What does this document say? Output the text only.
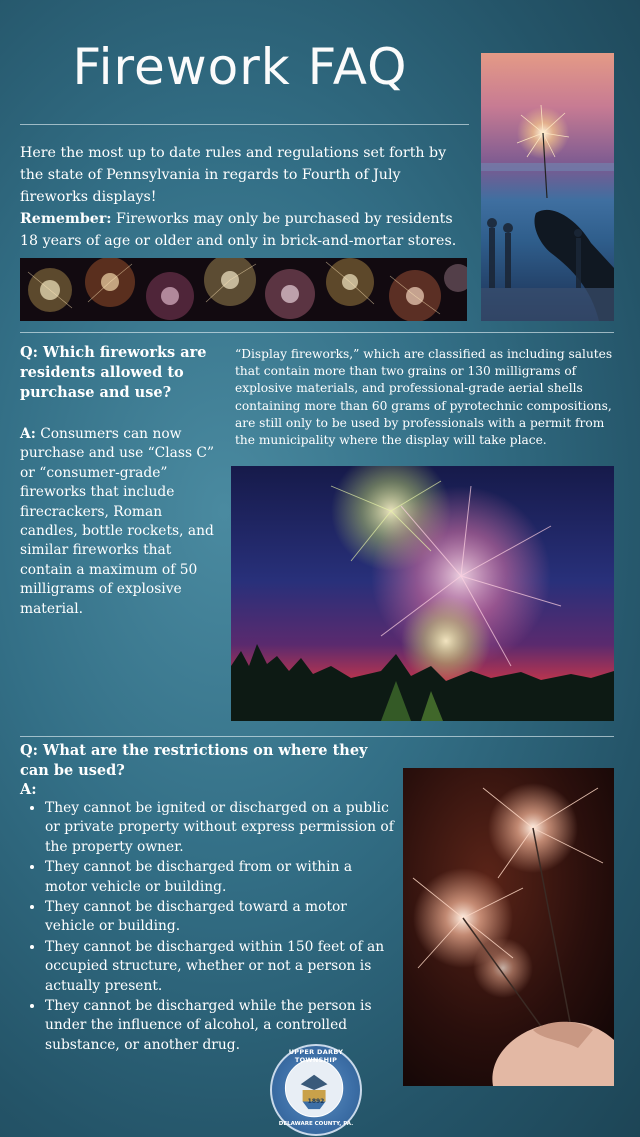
Firework FAQ
Here the most up to date rules and regulations set forth by the state of Pennsylvania in regards to Fourth of July fireworks displays!
Remember: Fireworks may only be purchased by residents 18 years of age or older and only in brick-and-mortar stores.
Q: Which fireworks are residents allowed to purchase and use?
A: Consumers can now purchase and use “Class C” or “consumer-grade” fireworks that include firecrackers, Roman candles, bottle rockets, and similar fireworks that contain a maximum of 50 milligrams of explosive material.
“Display fireworks,” which are classified as including salutes that contain more than two grains or 130 milligrams of explosive materials, and professional-grade aerial shells containing more than 60 grams of pyrotechnic compositions, are still only to be used by professionals with a permit from the municipality where the display will take place.
Q: What are the restrictions on where they can be used?
A:
• They cannot be ignited or discharged on a public or private property without express permission of the property owner.
• They cannot be discharged from or within a motor vehicle or building.
• They cannot be discharged toward a motor vehicle or building.
• They cannot be discharged within 150 feet of an occupied structure, whether or not a person is actually present.
• They cannot be discharged while the person is under the influence of alcohol, a controlled substance, or another drug.	UPPER DARBY TOWNSHIP
1892
DELAWARE COUNTY, PA.
